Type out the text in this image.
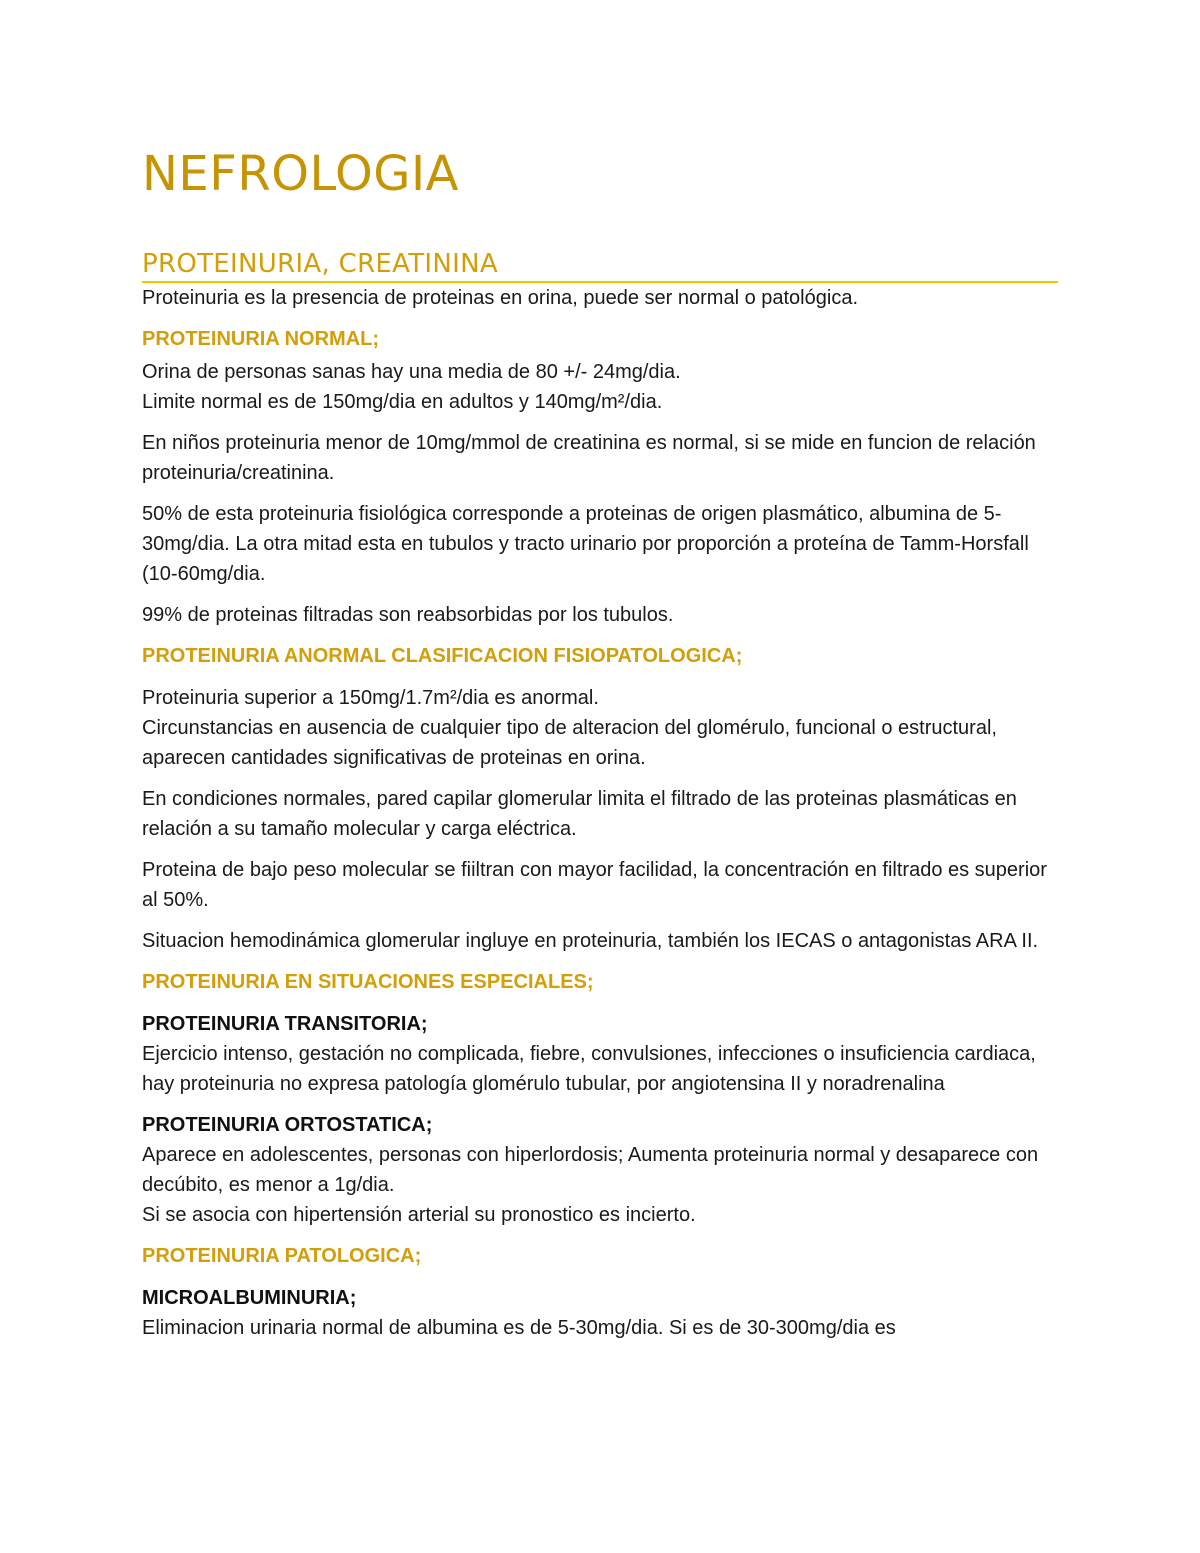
NEFROLOGIA
PROTEINURIA, CREATININA

Proteinuria es la presencia de proteinas en orina, puede ser normal o patológica.

PROTEINURIA NORMAL;

Orina de personas sanas hay una media de 80 +/- 24mg/dia.
Limite normal es de 150mg/dia en adultos y 140mg/m²/dia.

En niños proteinuria menor de 10mg/mmol de creatinina es normal, si se mide en funcion de relación proteinuria/creatinina.

50% de esta proteinuria fisiológica corresponde a proteinas de origen plasmático, albumina de 5-30mg/dia. La otra mitad esta en tubulos y tracto urinario por proporción a proteína de Tamm-Horsfall (10-60mg/dia.

99% de proteinas filtradas son reabsorbidas por los tubulos.

PROTEINURIA ANORMAL CLASIFICACION FISIOPATOLOGICA;

Proteinuria superior a 150mg/1.7m²/dia es anormal.
Circunstancias en ausencia de cualquier tipo de alteracion del glomérulo, funcional o estructural, aparecen cantidades significativas de proteinas en orina.

En condiciones normales, pared capilar glomerular limita el filtrado de las proteinas plasmáticas en relación a su tamaño molecular y carga eléctrica.

Proteina de bajo peso molecular se fiiltran con mayor facilidad, la concentración en filtrado es superior al 50%.

Situacion hemodinámica glomerular ingluye en proteinuria, también los IECAS o antagonistas ARA II.

PROTEINURIA EN SITUACIONES ESPECIALES;

PROTEINURIA TRANSITORIA;

Ejercicio intenso, gestación no complicada, fiebre, convulsiones, infecciones o insuficiencia cardiaca, hay proteinuria no expresa patología glomérulo tubular, por angiotensina II y noradrenalina

PROTEINURIA ORTOSTATICA;

Aparece en adolescentes, personas con hiperlordosis; Aumenta proteinuria normal y desaparece con decúbito, es menor a 1g/dia.
Si se asocia con hipertensión arterial su pronostico es incierto.

PROTEINURIA PATOLOGICA;

MICROALBUMINURIA;

Eliminacion urinaria normal de albumina es de 5-30mg/dia. Si es de 30-300mg/dia es
